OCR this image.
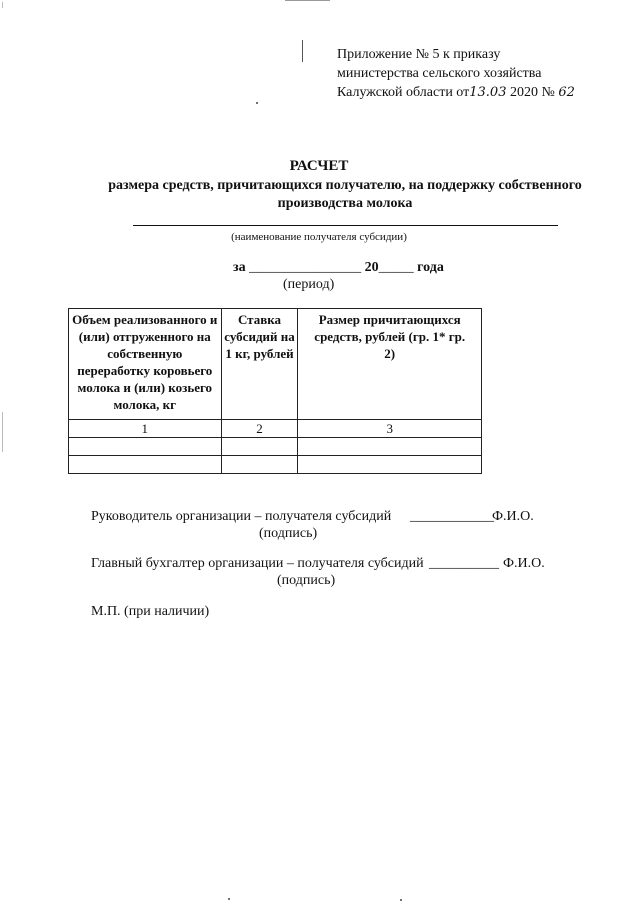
Приложение № 5 к приказу
министерства сельского хозяйства
Калужской области от13.03 2020 № 62
РАСЧЕТ
размера средств, причитающихся получателю, на поддержку собственного
производства молока
(наименование получателя субсидии)
за ________________ 20_____ года
(период)
Объем реализованного и (или) отгруженного на собственную переработку коровьего молока и (или) козьего молока, кг	Ставка субсидий на 1 кг, рублей	Размер причитающихся средств, рублей (гр. 1* гр. 2)
1	2	3

Руководитель организации – получателя субсидий ____________
Ф.И.О.
(подпись)
Главный бухгалтер организации – получателя субсидий __________ Ф.И.О.
(подпись)
М.П. (при наличии)
